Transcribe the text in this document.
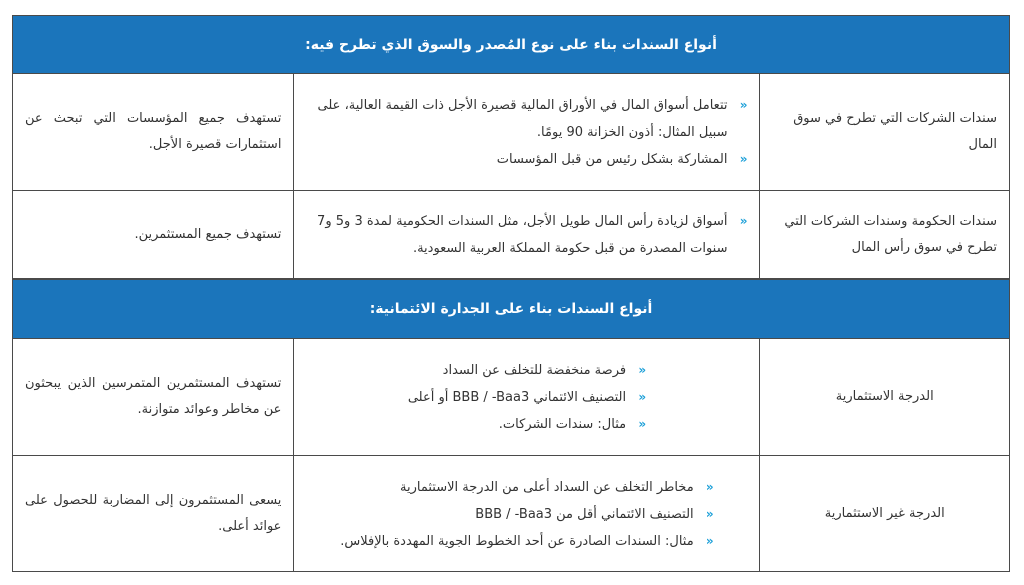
أنواع السندات بناء على نوع المُصدر والسوق الذي تطرح فيه:
سندات الشركات التي تطرح في سوق المال
«
تتعامل أسواق المال في الأوراق المالية قصيرة الأجل ذات القيمة العالية، على سبيل المثال: أذون الخزانة 90 يومًا.
«
المشاركة بشكل رئيس من قبل المؤسسات
تستهدف جميع المؤسسات التي تبحث عن استثمارات قصيرة الأجل.
سندات الحكومة وسندات الشركات التي تطرح في سوق رأس المال
«
أسواق لزيادة رأس المال طويل الأجل، مثل السندات الحكومية لمدة 3 و5 و7 سنوات المصدرة من قبل حكومة المملكة العربية السعودية.
تستهدف جميع المستثمرين.
أنواع السندات بناء على الجدارة الائتمانية:
الدرجة الاستثمارية
«
فرصة منخفضة للتخلف عن السداد
«
التصنيف الائتماني BBB / -Baa3 أو أعلى
«
مثال: سندات الشركات.
تستهدف المستثمرين المتمرسين الذين يبحثون عن مخاطر وعوائد متوازنة.
الدرجة غير الاستثمارية
«
مخاطر التخلف عن السداد أعلى من الدرجة الاستثمارية
«
التصنيف الائتماني أقل من BBB / -Baa3
«
مثال: السندات الصادرة عن أحد الخطوط الجوية المهددة بالإفلاس.
يسعى المستثمرون إلى المضاربة للحصول على عوائد أعلى.
